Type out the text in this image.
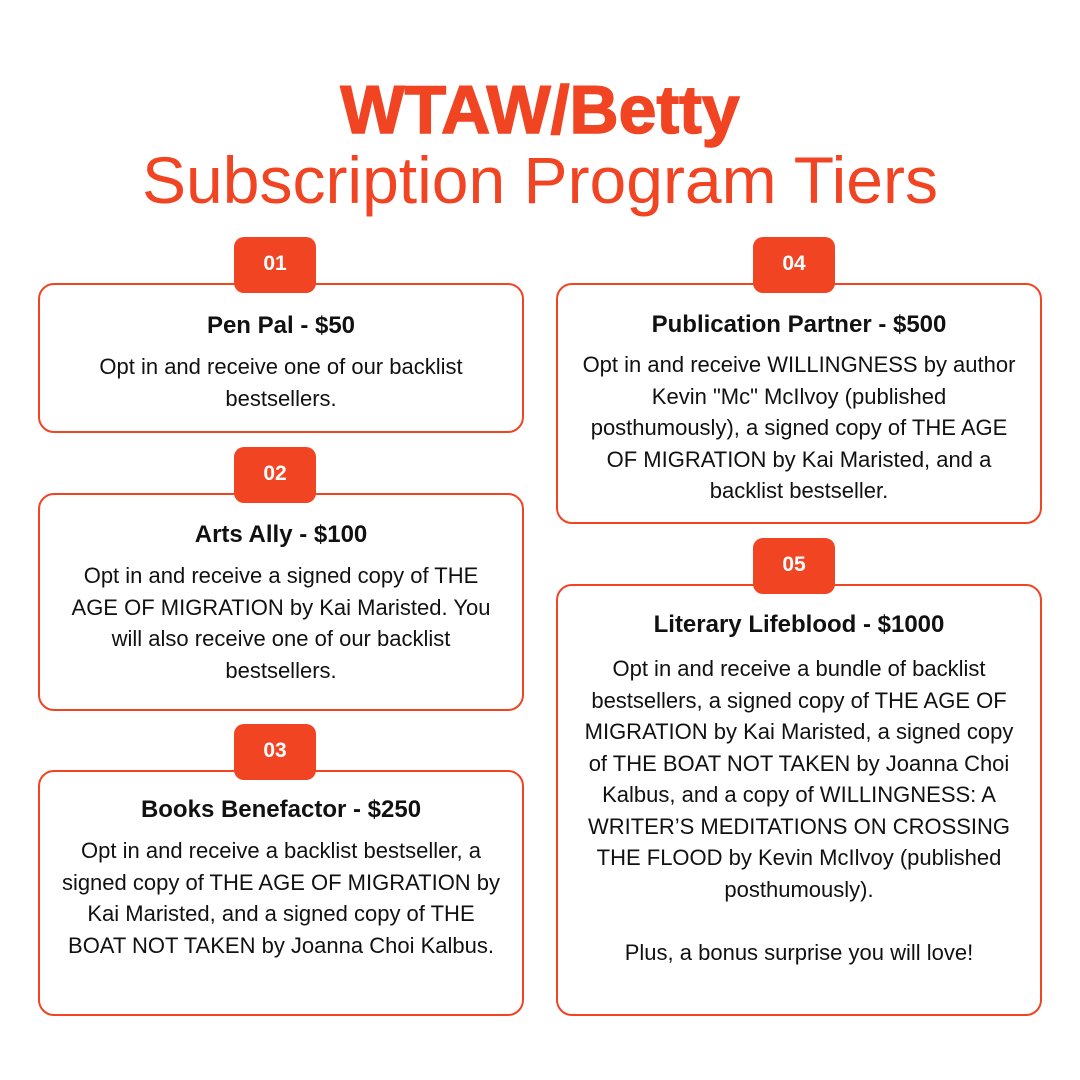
WTAW/Betty
Subscription Program Tiers
Pen Pal - $50
Opt in and receive one of our backlist bestsellers.
01
Arts Ally - $100
Opt in and receive a signed copy of THE AGE OF MIGRATION by Kai Maristed. You will also receive one of our backlist bestsellers.
02
Books Benefactor - $250
Opt in and receive a backlist bestseller, a signed copy of THE AGE OF MIGRATION by Kai Maristed, and a signed copy of THE BOAT NOT TAKEN by Joanna Choi Kalbus.
03
Publication Partner - $500
Opt in and receive WILLINGNESS by author Kevin "Mc" McIlvoy (published posthumously), a signed copy of THE AGE OF MIGRATION by Kai Maristed, and a backlist bestseller.
04
Literary Lifeblood - $1000
Opt in and receive a bundle of backlist bestsellers, a signed copy of THE AGE OF MIGRATION by Kai Maristed, a signed copy of THE BOAT NOT TAKEN by Joanna Choi Kalbus, and a copy of WILLINGNESS: A WRITER’S MEDITATIONS ON CROSSING THE FLOOD by Kevin McIlvoy (published posthumously).

Plus, a bonus surprise you will love!
05
